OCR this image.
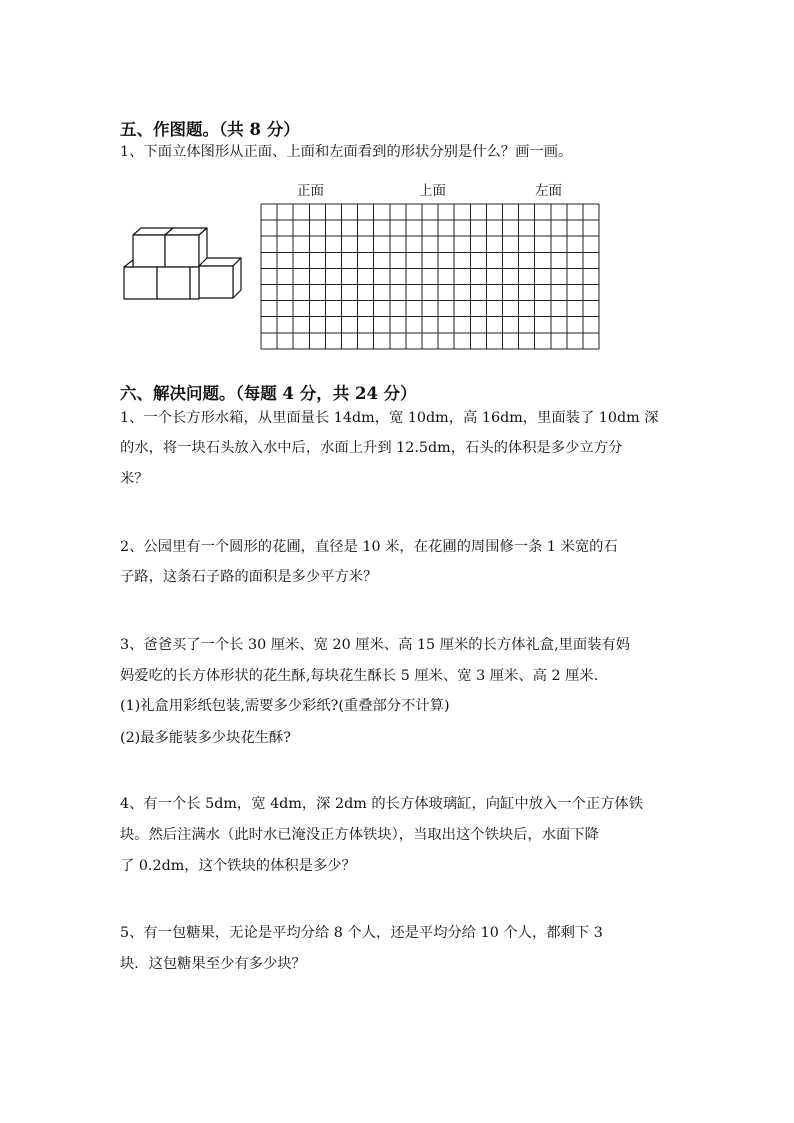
五、作图题。（共 8 分）
1、下面立体图形从正面、上面和左面看到的形状分别是什么？画一画。
正面	上面	左面
六、解决问题。（每题 4 分，共 24 分）
1、一个长方形水箱，从里面量长 14dm，宽 10dm，高 16dm，里面装了 10dm 深
的水，将一块石头放入水中后，水面上升到 12.5dm，石头的体积是多少立方分
米？
2、公园里有一个圆形的花圃，直径是 10 米，在花圃的周围修一条 1 米宽的石
子路，这条石子路的面积是多少平方米？
3、爸爸买了一个长 30 厘米、宽 20 厘米、高 15 厘米的长方体礼盒,里面装有妈
妈爱吃的长方体形状的花生酥,每块花生酥长 5 厘米、宽 3 厘米、高 2 厘米.
(1)礼盒用彩纸包装,需要多少彩纸?(重叠部分不计算)
(2)最多能装多少块花生酥?
4、有一个长 5dm，宽 4dm，深 2dm 的长方体玻璃缸，向缸中放入一个正方体铁
块。然后注满水（此时水已淹没正方体铁块），当取出这个铁块后，水面下降
了 0.2dm，这个铁块的体积是多少？
5、有一包糖果，无论是平均分给 8 个人，还是平均分给 10 个人，都剩下 3
块．这包糖果至少有多少块？
